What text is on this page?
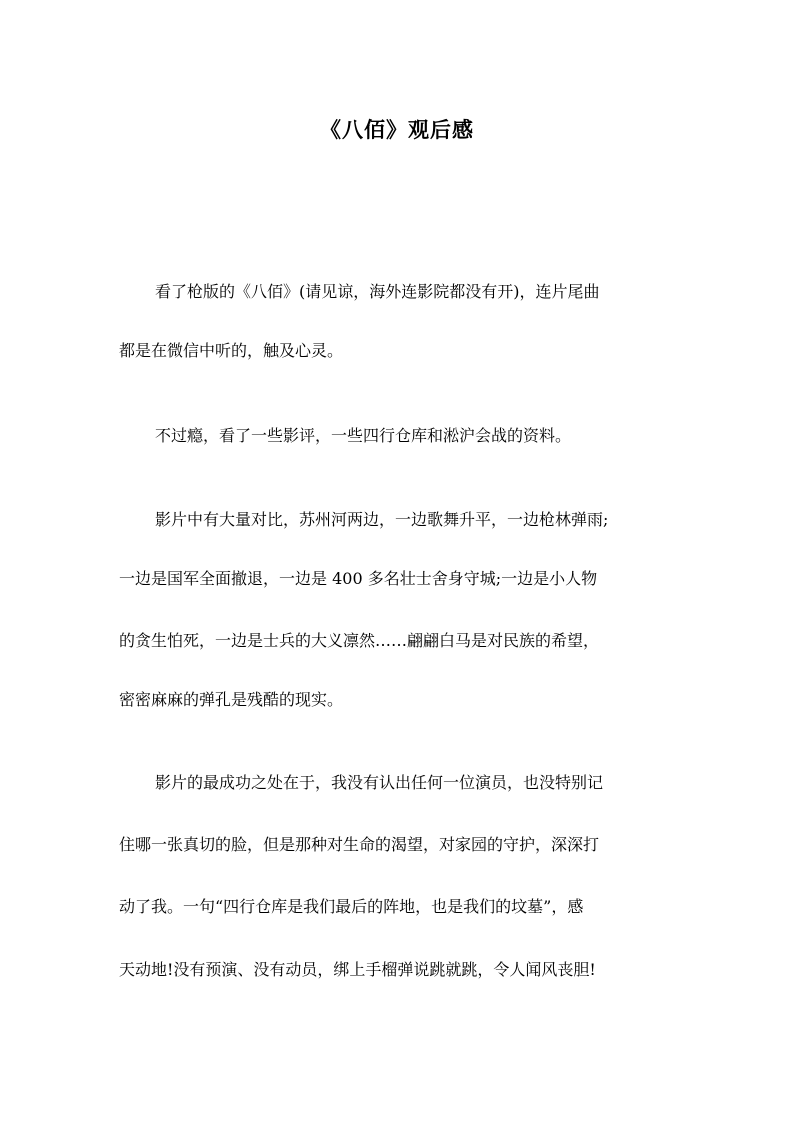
《八佰》观后感
看了枪版的《八佰》(请见谅，海外连影院都没有开)，连片尾曲
都是在微信中听的，触及心灵。
不过瘾，看了一些影评，一些四行仓库和淞沪会战的资料。
影片中有大量对比，苏州河两边，一边歌舞升平，一边枪林弹雨;
一边是国军全面撤退，一边是 400 多名壮士舍身守城;一边是小人物
的贪生怕死，一边是士兵的大义凛然……翩翩白马是对民族的希望，
密密麻麻的弹孔是残酷的现实。
影片的最成功之处在于，我没有认出任何一位演员，也没特别记
住哪一张真切的脸，但是那种对生命的渴望，对家园的守护，深深打
动了我。一句“四行仓库是我们最后的阵地，也是我们的坟墓”，感
天动地!没有预演、没有动员，绑上手榴弹说跳就跳，令人闻风丧胆!
